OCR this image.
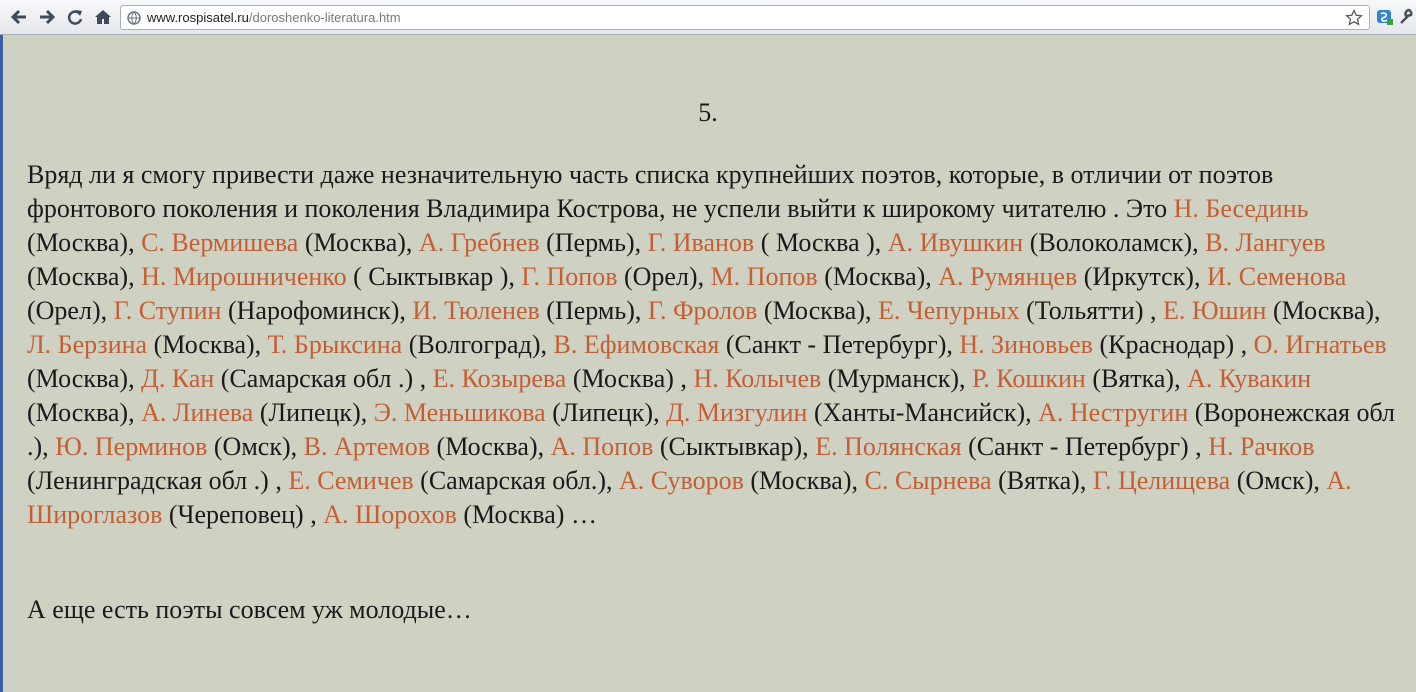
www.rospisatel.ru/doroshenko-literatura.htm
5.

Вряд ли я смогу привести даже незначительную часть списка крупнейших поэтов, которые, в отличии от поэтов фронтового поколения и поколения Владимира Кострова, не успели выйти к широкому читателю . Это Н. Бесединь (Москва), С. Вермишева (Москва), А. Гребнев (Пермь), Г. Иванов ( Москва ), А. Ивушкин (Волоколамск), В. Лангуев (Москва), Н. Мирошниченко ( Сыктывкар ), Г. Попов (Орел), М. Попов (Москва), А. Румянцев (Иркутск), И. Семенова (Орел), Г. Ступин (Нарофоминск), И. Тюленев (Пермь), Г. Фролов (Москва), Е. Чепурных (Тольятти) , Е. Юшин (Москва), Л. Берзина (Москва), Т. Брыксина (Волгоград), В. Ефимовская (Санкт - Петербург), Н. Зиновьев (Краснодар) , О. Игнатьев (Москва), Д. Кан (Самарская обл .) , Е. Козырева (Москва) , Н. Колычев (Мурманск), Р. Кошкин (Вятка), А. Кувакин (Москва), А. Линева (Липецк), Э. Меньшикова (Липецк), Д. Мизгулин (Ханты-Мансийск), А. Нестругин (Воронежская обл .), Ю. Перминов (Омск), В. Артемов (Москва), А. Попов (Сыктывкар), Е. Полянская (Санкт - Петербург) , Н. Рачков (Ленинградская обл .) , Е. Семичев (Самарская обл.), А. Суворов (Москва), С. Сырнева (Вятка), Г. Целищева (Омск), А. Широглазов (Череповец) , А. Шорохов (Москва) …

А еще есть поэты совсем уж молодые…
